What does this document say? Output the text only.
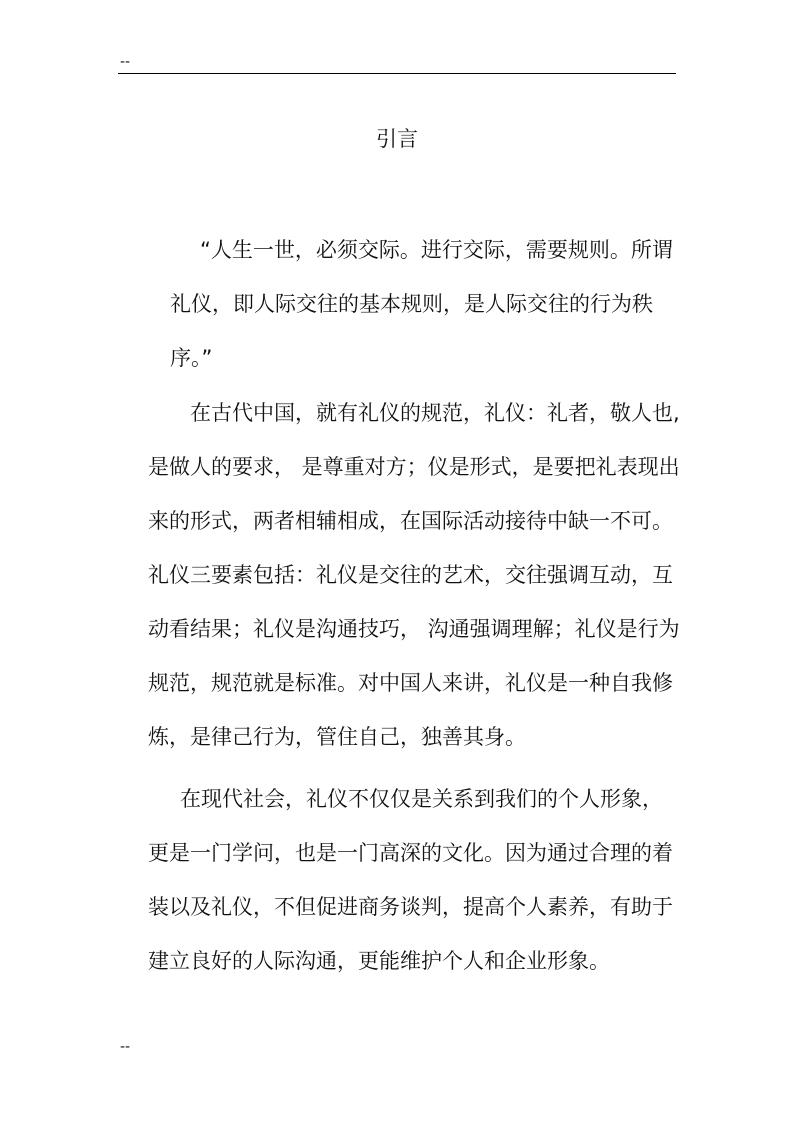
--
引言
“人生一世，必须交际。进行交际，需要规则。所谓
礼仪，即人际交往的基本规则，是人际交往的行为秩
序。”
在古代中国，就有礼仪的规范，礼仪：礼者，敬人也,
是做人的要求， 是尊重对方；仪是形式，是要把礼表现出
来的形式，两者相辅相成，在国际活动接待中缺一不可。
礼仪三要素包括：礼仪是交往的艺术，交往强调互动，互
动看结果；礼仪是沟通技巧， 沟通强调理解；礼仪是行为
规范，规范就是标准。对中国人来讲，礼仪是一种自我修
炼，是律己行为，管住自己，独善其身。
在现代社会，礼仪不仅仅是关系到我们的个人形象，
更是一门学问，也是一门高深的文化。因为通过合理的着
装以及礼仪，不但促进商务谈判，提高个人素养，有助于
建立良好的人际沟通，更能维护个人和企业形象。
--
